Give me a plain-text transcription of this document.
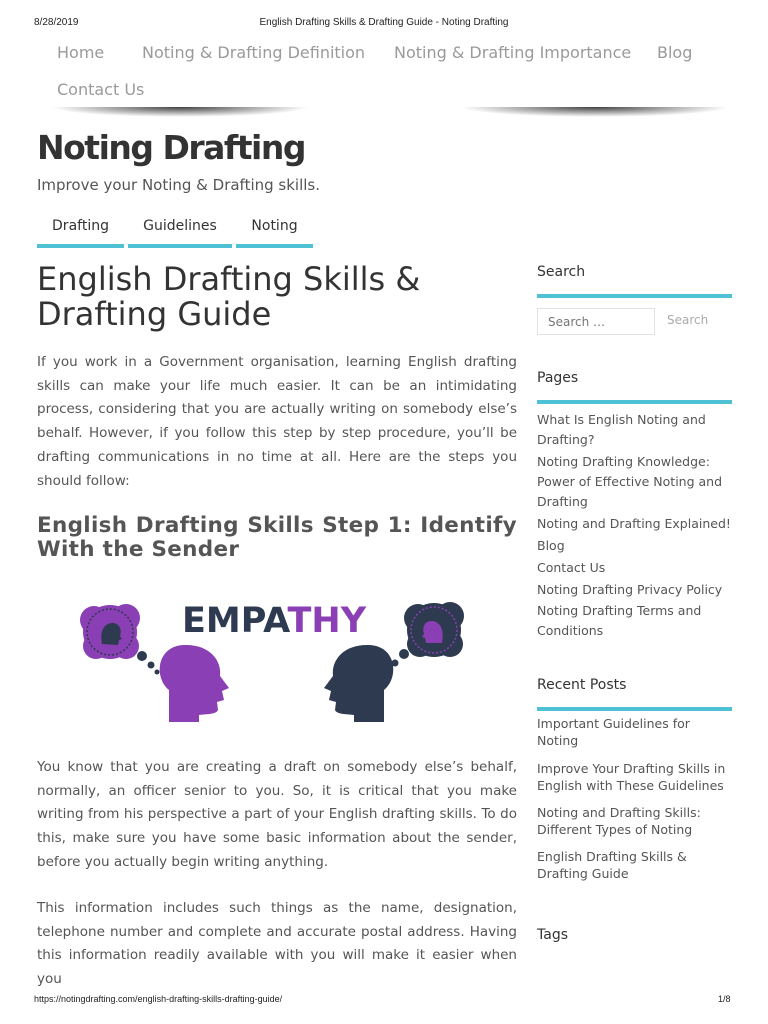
8/28/2019	English Drafting Skills & Drafting Guide - Noting Drafting
Home Noting & Drafting Definition Noting & Drafting Importance Blog
Contact Us
Noting Drafting
Improve your Noting & Drafting skills.
Drafting	Guidelines	Noting
English Drafting Skills & Drafting Guide

If you work in a Government organisation, learning English drafting skills can make your life much easier. It can be an intimidating process, considering that you are actually writing on somebody else’s behalf. However, if you follow this step by step procedure, you’ll be drafting communications in no time at all. Here are the steps you should follow:

English Drafting Skills Step 1: Identify With the Sender
EMPATHY

You know that you are creating a draft on somebody else’s behalf, normally, an officer senior to you. So, it is critical that you make writing from his perspective a part of your English drafting skills. To do this, make sure you have some basic information about the sender, before you actually begin writing anything.

This information includes such things as the name, designation, telephone number and complete and accurate postal address. Having this information readily available with you will make it easier when you

Search
Pages
Recent Posts
Tags
Search …
Search
What Is English Noting and Drafting?
Noting Drafting Knowledge: Power of Effective Noting and Drafting
Noting and Drafting Explained!
Blog
Contact Us
Noting Drafting Privacy Policy
Noting Drafting Terms and Conditions
Important Guidelines for Noting
Improve Your Drafting Skills in English with These Guidelines
Noting and Drafting Skills: Different Types of Noting
English Drafting Skills & Drafting Guide
https://notingdrafting.com/english-drafting-skills-drafting-guide/	1/8
